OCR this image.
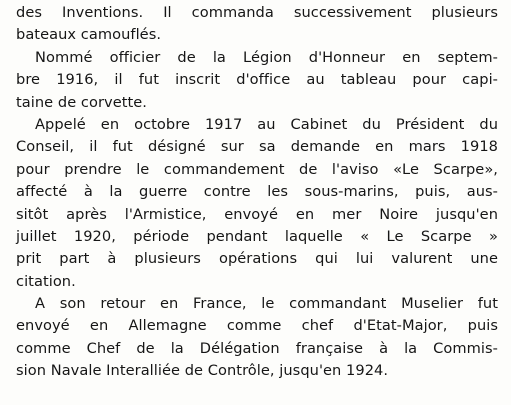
des Inventions. Il commanda successivement plusieurs
bateaux camouflés.
Nommé officier de la Légion d'Honneur en septem-
bre 1916, il fut inscrit d'office au tableau pour capi-
taine de corvette.
Appelé en octobre 1917 au Cabinet du Président du
Conseil, il fut désigné sur sa demande en mars 1918
pour prendre le commandement de l'aviso «Le Scarpe»,
affecté à la guerre contre les sous-marins, puis, aus-
sitôt après l'Armistice, envoyé en mer Noire jusqu'en
juillet 1920, période pendant laquelle « Le Scarpe »
prit part à plusieurs opérations qui lui valurent une
citation.
A son retour en France, le commandant Muselier fut
envoyé en Allemagne comme chef d'Etat-Major, puis
comme Chef de la Délégation française à la Commis-
sion Navale Interalliée de Contrôle, jusqu'en 1924.
